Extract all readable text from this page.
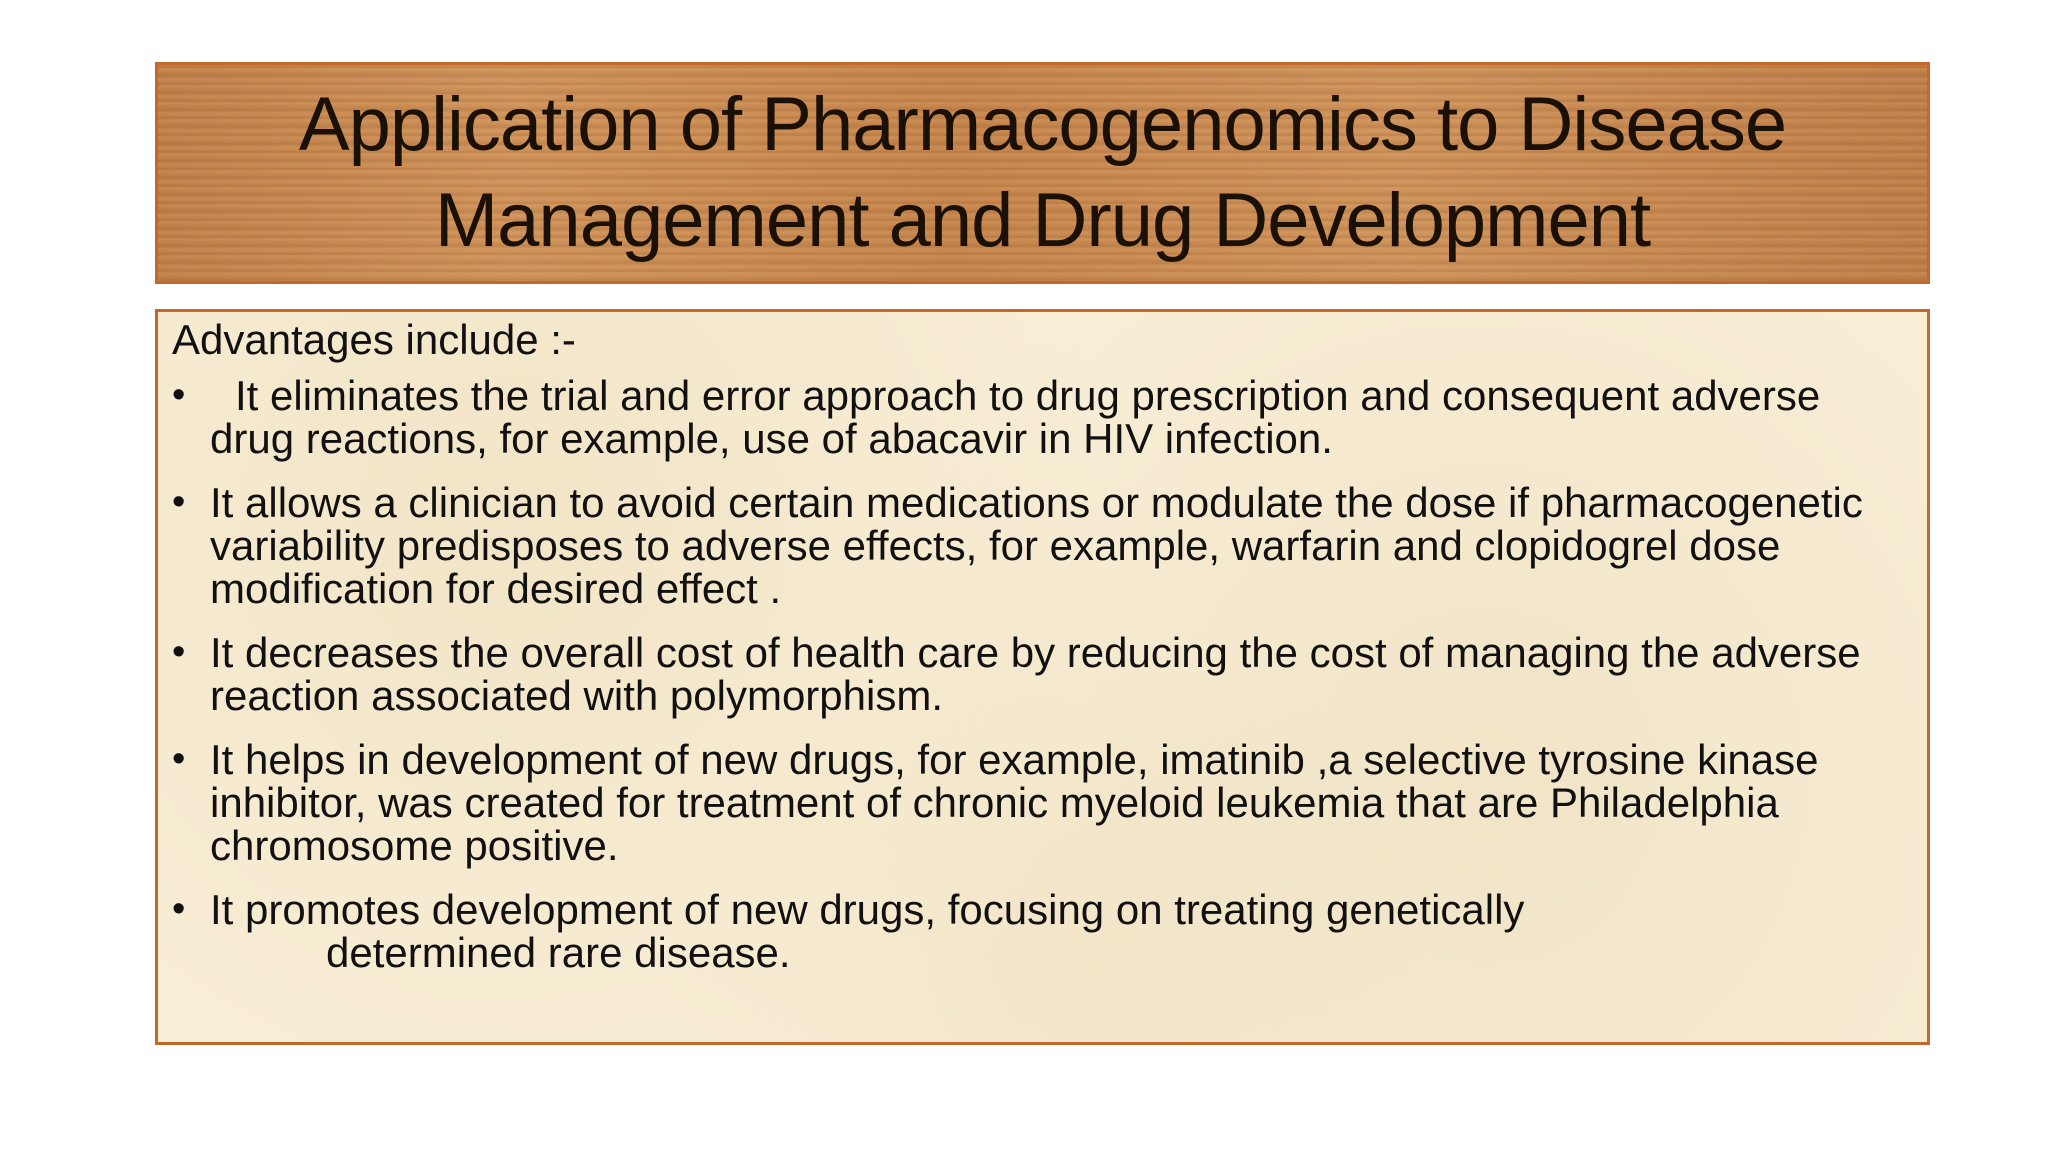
Application of Pharmacogenomics to Disease Management and Drug Development

Advantages include :-

•	It eliminates the trial and error approach to drug prescription and consequent adverse drug reactions, for example, use of abacavir in HIV infection.
• It allows a clinician to avoid certain medications or modulate the dose if pharmacogenetic variability predisposes to adverse effects, for example, warfarin and clopidogrel dose modification for desired effect .
• It decreases the overall cost of health care by reducing the cost of managing the adverse reaction associated with polymorphism.
• It helps in development of new drugs, for example, imatinib ,a selective tyrosine kinase inhibitor, was created for treatment of chronic myeloid leukemia that are Philadelphia chromosome positive.
• It promotes development of new drugs, focusing on treating genetically
determined rare disease.
